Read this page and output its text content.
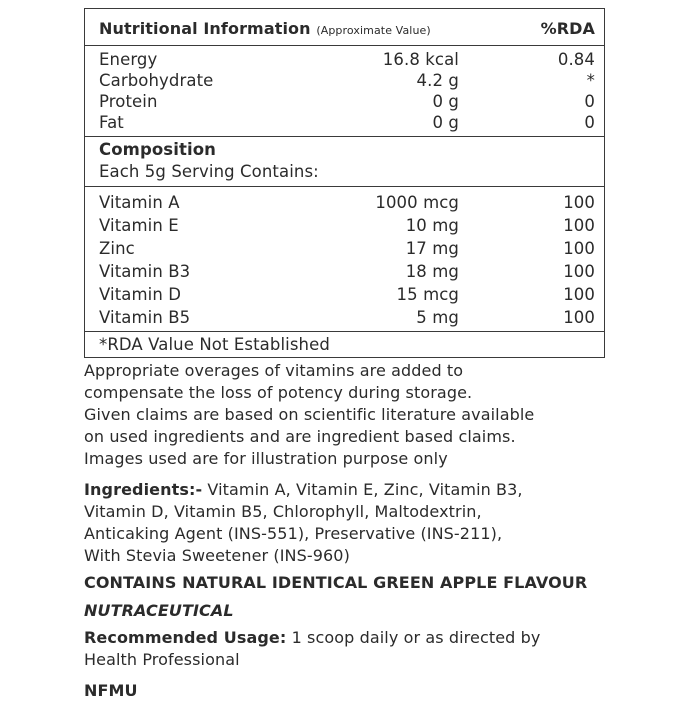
Nutritional Information (Approximate Value)	%RDA
Energy	16.8 kcal	0.84
Carbohydrate	4.2 g	*
Protein	0 g	0
Fat	0 g	0
Composition
Each 5g Serving Contains:
Vitamin A	1000 mcg	100
Vitamin E	10 mg	100
Zinc	17 mg	100
Vitamin B3	18 mg	100
Vitamin D	15 mcg	100
Vitamin B5	5 mg	100
*RDA Value Not Established
Appropriate overages of vitamins are added to
compensate the loss of potency during storage.
Given claims are based on scientific literature available
on used ingredients and are ingredient based claims.
Images used are for illustration purpose only
Ingredients:- Vitamin A, Vitamin E, Zinc, Vitamin B3,
Vitamin D, Vitamin B5, Chlorophyll, Maltodextrin,
Anticaking Agent (INS-551), Preservative (INS-211),
With Stevia Sweetener (INS-960)
CONTAINS NATURAL IDENTICAL GREEN APPLE FLAVOUR
NUTRACEUTICAL
Recommended Usage: 1 scoop daily or as directed by
Health Professional
NFMU
